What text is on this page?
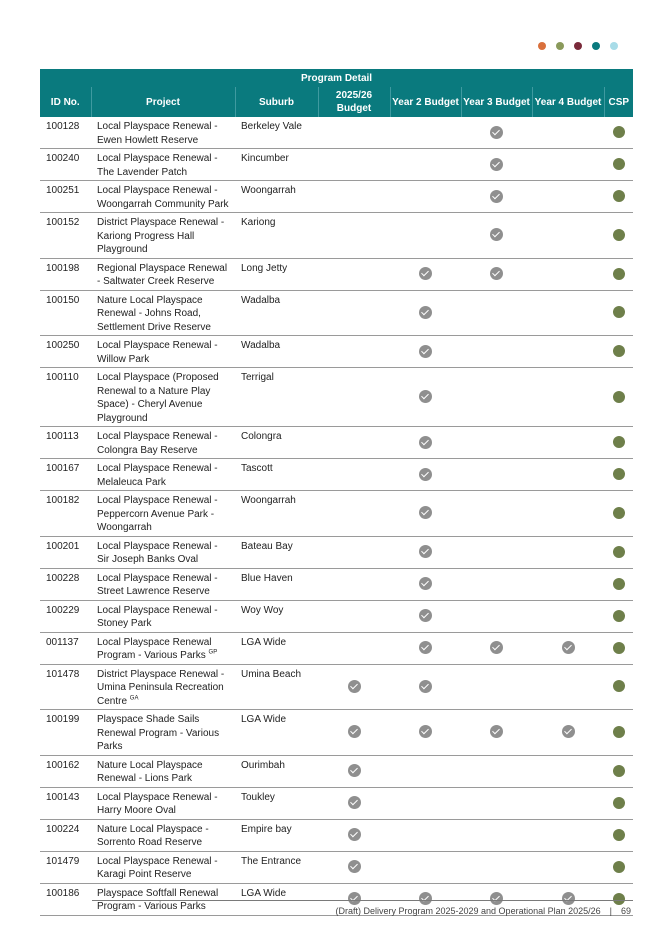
Program Detail							
ID No.	Project	Suburb	2025/26 Budget	Year 2 Budget	Year 3 Budget	Year 4 Budget	CSP
100128	Local Playspace Renewal - Ewen Howlett Reserve	Berkeley Vale					
100240	Local Playspace Renewal - The Lavender Patch	Kincumber					
100251	Local Playspace Renewal - Woongarrah Community Park	Woongarrah					
100152	District Playspace Renewal - Kariong Progress Hall Playground	Kariong					
100198	Regional Playspace Renewal - Saltwater Creek Reserve	Long Jetty					
100150	Nature Local Playspace Renewal - Johns Road, Settlement Drive Reserve	Wadalba					
100250	Local Playspace Renewal - Willow Park	Wadalba					
100110	Local Playspace (Proposed Renewal to a Nature Play Space) - Cheryl Avenue Playground	Terrigal					
100113	Local Playspace Renewal - Colongra Bay Reserve	Colongra					
100167	Local Playspace Renewal - Melaleuca Park	Tascott					
100182	Local Playspace Renewal - Peppercorn Avenue Park - Woongarrah	Woongarrah					
100201	Local Playspace Renewal - Sir Joseph Banks Oval	Bateau Bay					
100228	Local Playspace Renewal - Street Lawrence Reserve	Blue Haven					
100229	Local Playspace Renewal - Stoney Park	Woy Woy					
001137	Local Playspace Renewal Program - Various Parks $^{GP}$	LGA Wide					
101478	District Playspace Renewal - Umina Peninsula Recreation Centre $^{GA}$	Umina Beach					
100199	Playspace Shade Sails Renewal Program - Various Parks	LGA Wide					
100162	Nature Local Playspace Renewal - Lions Park	Ourimbah					
100143	Local Playspace Renewal - Harry Moore Oval	Toukley					
100224	Nature Local Playspace - Sorrento Road Reserve	Empire bay					
101479	Local Playspace Renewal - Karagi Point Reserve	The Entrance					
100186	Playspace Softfall Renewal Program - Various Parks	LGA Wide					
(Draft) Delivery Program 2025-2029 and Operational Plan 2025/26 | 69
